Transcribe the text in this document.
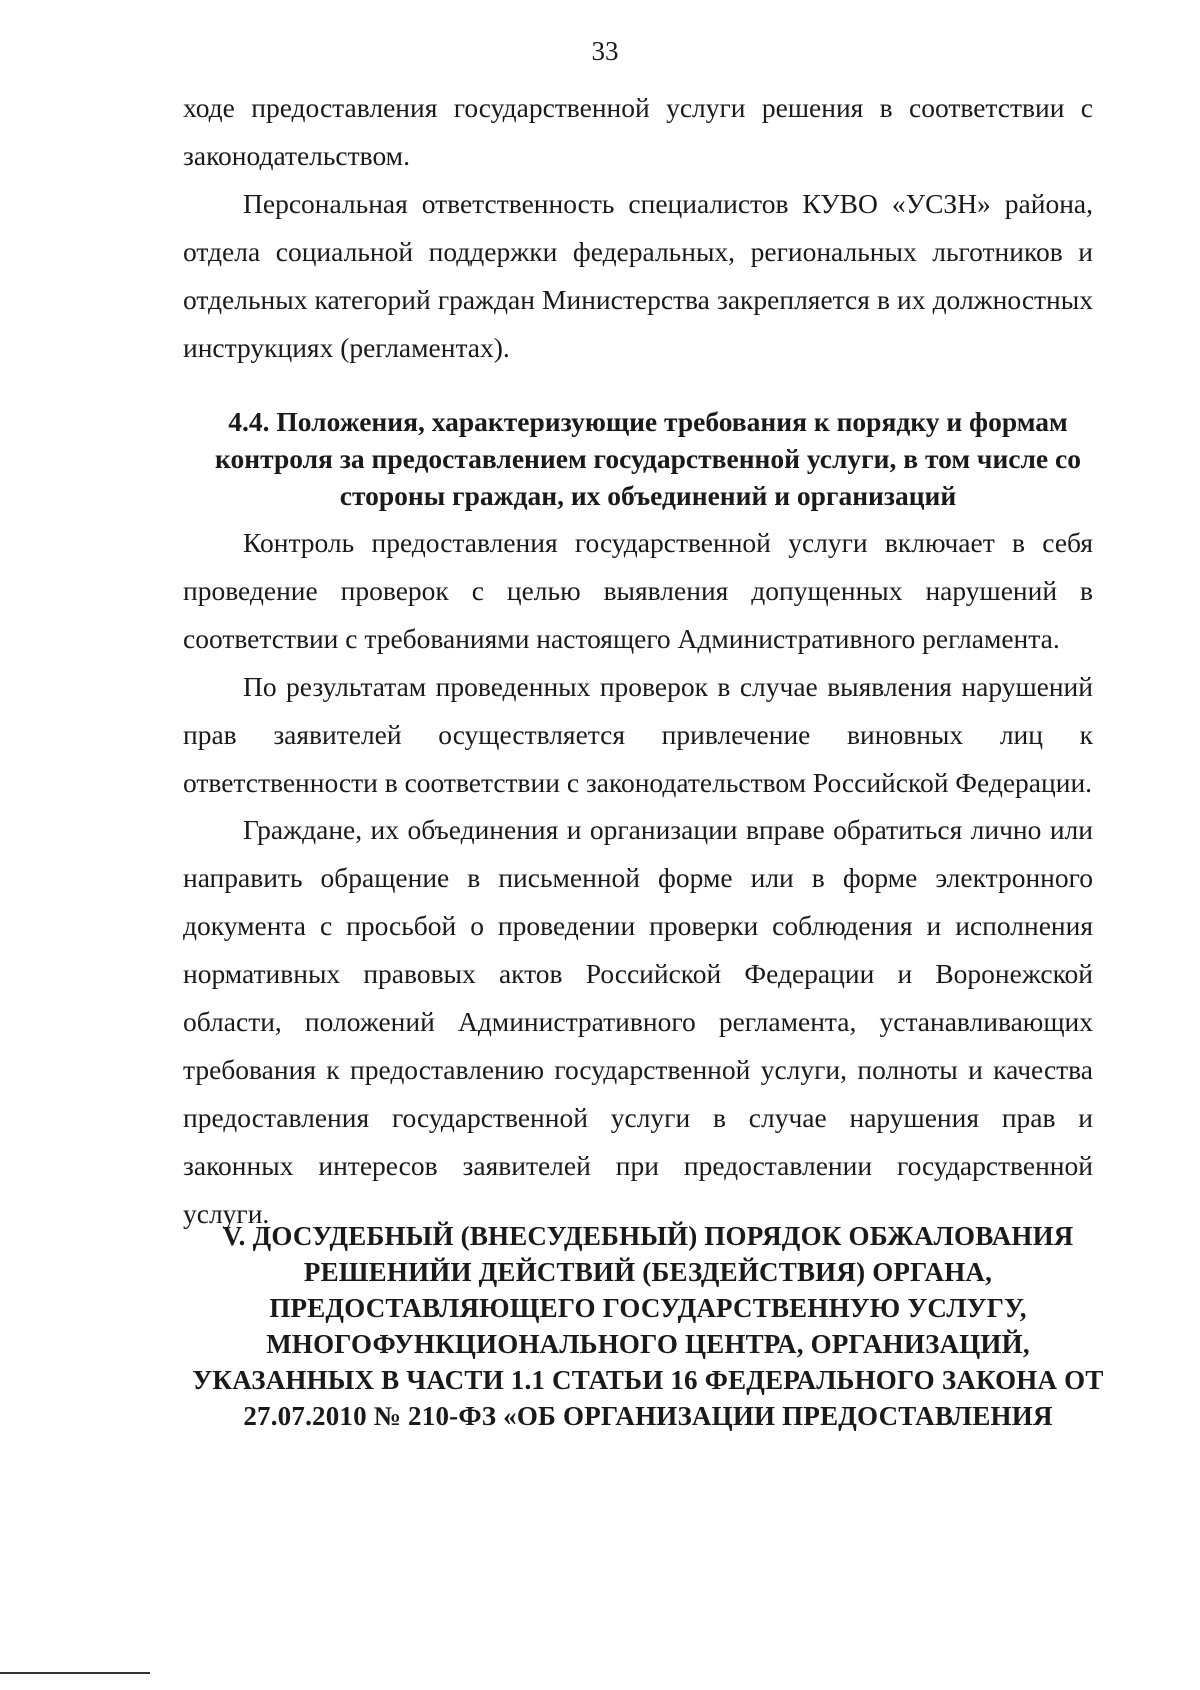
33

ходе предоставления государственной услуги решения в соответствии с законодательством.

Персональная ответственность специалистов КУВО «УСЗН» района, отдела социальной поддержки федеральных, региональных льготников и отдельных категорий граждан Министерства закрепляется в их должностных инструкциях (регламентах).

4.4. Положения, характеризующие требования к порядку и формам контроля за предоставлением государственной услуги, в том числе со стороны граждан, их объединений и организаций

Контроль предоставления государственной услуги включает в себя проведение проверок с целью выявления допущенных нарушений в соответствии с требованиями настоящего Административного регламента.

По результатам проведенных проверок в случае выявления нарушений прав заявителей осуществляется привлечение виновных лиц к ответственности в соответствии с законодательством Российской Федерации.

Граждане, их объединения и организации вправе обратиться лично или направить обращение в письменной форме или в форме электронного документа с просьбой о проведении проверки соблюдения и исполнения нормативных правовых актов Российской Федерации и Воронежской области, положений Административного регламента, устанавливающих требования к предоставлению государственной услуги, полноты и качества предоставления государственной услуги в случае нарушения прав и законных интересов заявителей при предоставлении государственной услуги.

V. ДОСУДЕБНЫЙ (ВНЕСУДЕБНЫЙ) ПОРЯДОК ОБЖАЛОВАНИЯ РЕШЕНИЙИ ДЕЙСТВИЙ (БЕЗДЕЙСТВИЯ) ОРГАНА, ПРЕДОСТАВЛЯЮЩЕГО ГОСУДАРСТВЕННУЮ УСЛУГУ, МНОГОФУНКЦИОНАЛЬНОГО ЦЕНТРА, ОРГАНИЗАЦИЙ, УКАЗАННЫХ В ЧАСТИ 1.1 СТАТЬИ 16 ФЕДЕРАЛЬНОГО ЗАКОНА ОТ 27.07.2010 № 210-ФЗ «ОБ ОРГАНИЗАЦИИ ПРЕДОСТАВЛЕНИЯ
